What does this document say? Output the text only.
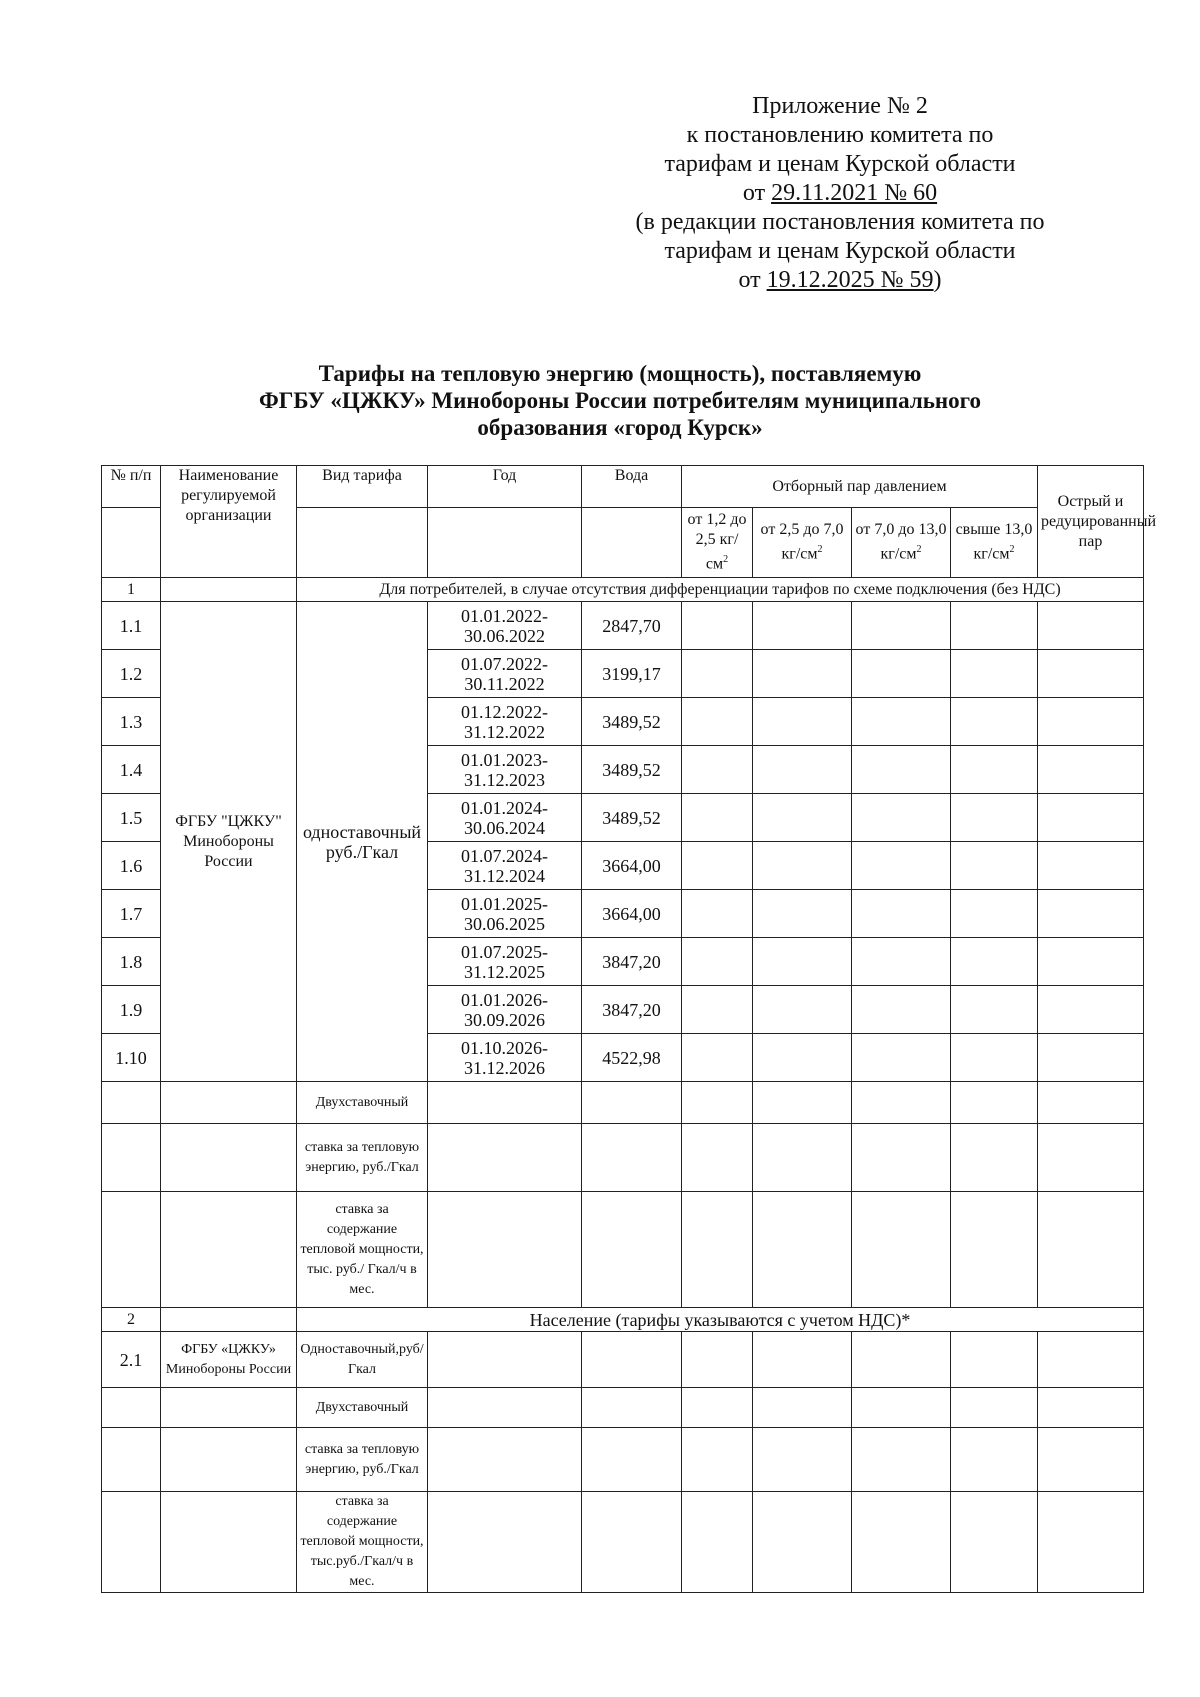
Приложение № 2
к постановлению комитета по
тарифам и ценам Курской области
от 29.11.2021 № 60
(в редакции постановления комитета по
тарифам и ценам Курской области
от 19.12.2025 № 59)
Тарифы на тепловую энергию (мощность), поставляемую
ФГБУ «ЦЖКУ» Минобороны России потребителям муниципального
образования «город Курск»
№ п/п	Наименование регулируемой организации	Вид тарифа	Год	Вода	Отборный пар давлением				Острый и редуцированный пар
					от 1,2 до 2,5 $кг/см^2$	от 2,5 до 7,0 $кг/см^2$	от 7,0 до 13,0 $кг/см^2$	свыше 13,0 $кг/см^2$
1		Для потребителей, в случае отсутствия дифференциации тарифов по схеме подключения (без НДС)							
1.1	ФГБУ "ЦЖКУ" Минобороны России	одноставочный руб./Гкал	01.01.2022-30.06.2022	2847,70					
1.2			01.07.2022-30.11.2022	3199,17					
1.3			01.12.2022-31.12.2022	3489,52					
1.4			01.01.2023-31.12.2023	3489,52					
1.5			01.01.2024-30.06.2024	3489,52					
1.6			01.07.2024-31.12.2024	3664,00					
1.7			01.01.2025-30.06.2025	3664,00					
1.8			01.07.2025-31.12.2025	3847,20					
1.9			01.01.2026-30.09.2026	3847,20					
1.10			01.10.2026-31.12.2026	4522,98					
		Двухставочный							
		ставка за тепловую энергию, руб./Гкал							
		ставка за содержание тепловой мощности, тыс. руб./ Гкал/ч в мес.							
2		Население (тарифы указываются с учетом НДС)*							
2.1	ФГБУ «ЦЖКУ» Минобороны России	Одноставочный,руб/Гкал							
		Двухставочный							
		ставка за тепловую энергию, руб./Гкал							
		ставка за содержание тепловой мощности, тыс.руб./Гкал/ч в мес.							
